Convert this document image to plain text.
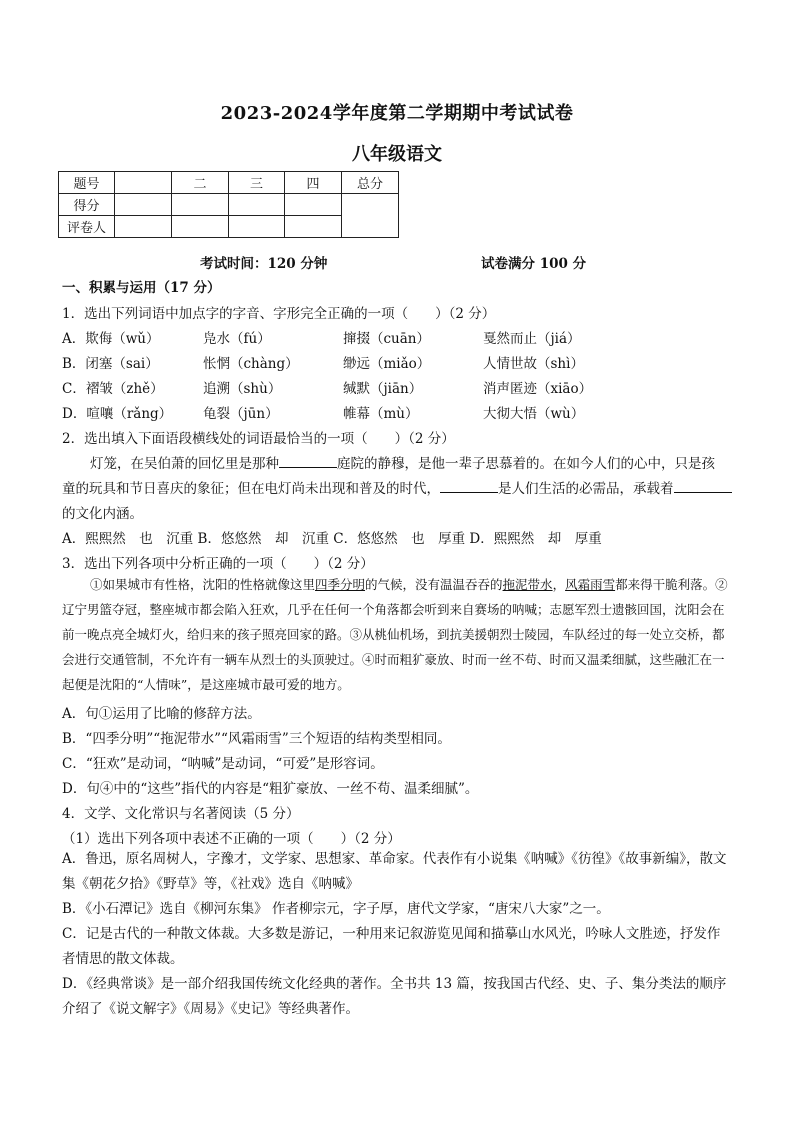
2023-2024学年度第二学期期中考试试卷
八年级语文
题号		二	三	四	总分
得分					
评卷人					
考试时间：120 分钟	试卷满分 100 分
一、积累与运用（17 分）
1．选出下列词语中加点字的字音、字形完全正确的一项（　　）（2 分）
A．欺侮（wǔ）	凫水（fú）	撺掇（cuān）	戛然而止（jiá）
B．闭塞（sai）	怅惘（chàng）	缈远（miǎo）	人情世故（shì）
C．褶皱（zhě）	追溯（shù）	缄默（jiān）	消声匿迹（xiāo）
D．喧嚷（rǎng） 龟裂（jūn）	帷幕（mù）	大彻大悟（wù）
2．选出填入下面语段横线处的词语最恰当的一项（　　）（2 分）
灯笼，在吴伯萧的回忆里是那种	庭院的静穆，是他一辈子思慕着的。在如今人们的心中，只是孩
童的玩具和节日喜庆的象征；但在电灯尚未出现和普及的时代，	是人们生活的必需品，承载着
的文化内涵。
A．熙熙然　也　沉重 B．悠悠然　却　沉重 C．悠悠然　也　厚重 D．熙熙然　却　厚重
3．选出下列各项中分析正确的一项（　　）（2 分）
①如果城市有性格，沈阳的性格就像这里四季分明的气候，没有温温吞吞的拖泥带水，风霜雨雪都来得干脆利落。②辽宁男篮夺冠，整座城市都会陷入狂欢，几乎在任何一个角落都会听到来自赛场的呐喊；志愿军烈士遗骸回国，沈阳会在前一晚点亮全城灯火，给归来的孩子照亮回家的路。③从桃仙机场，到抗美援朝烈士陵园，车队经过的每一处立交桥，都会进行交通管制，不允许有一辆车从烈士的头顶驶过。④时而粗犷豪放、时而一丝不苟、时而又温柔细腻，这些融汇在一起便是沈阳的“人情味”，是这座城市最可爱的地方。
A．句①运用了比喻的修辞方法。
B．“四季分明”“拖泥带水”“风霜雨雪”三个短语的结构类型相同。
C．“狂欢”是动词，“呐喊”是动词，“可爱”是形容词。
D．句④中的“这些”指代的内容是“粗犷豪放、一丝不苟、温柔细腻”。
4．文学、文化常识与名著阅读（5 分）
（1）选出下列各项中表述不正确的一项（　　）（2 分）
A．鲁迅，原名周树人，字豫才，文学家、思想家、革命家。代表作有小说集《呐喊》《彷徨》《故事新编》，散文集《朝花夕拾》《野草》等，《社戏》选自《呐喊》
B．《小石潭记》选自《柳河东集》 作者柳宗元，字子厚，唐代文学家，“唐宋八大家”之一。
C．记是古代的一种散文体裁。大多数是游记，一种用来记叙游览见闻和描摹山水风光，吟咏人文胜迹，抒发作者情思的散文体裁。
D．《经典常谈》是一部介绍我国传统文化经典的著作。全书共 13 篇，按我国古代经、史、子、集分类法的顺序介绍了《说文解字》《周易》《史记》等经典著作。
